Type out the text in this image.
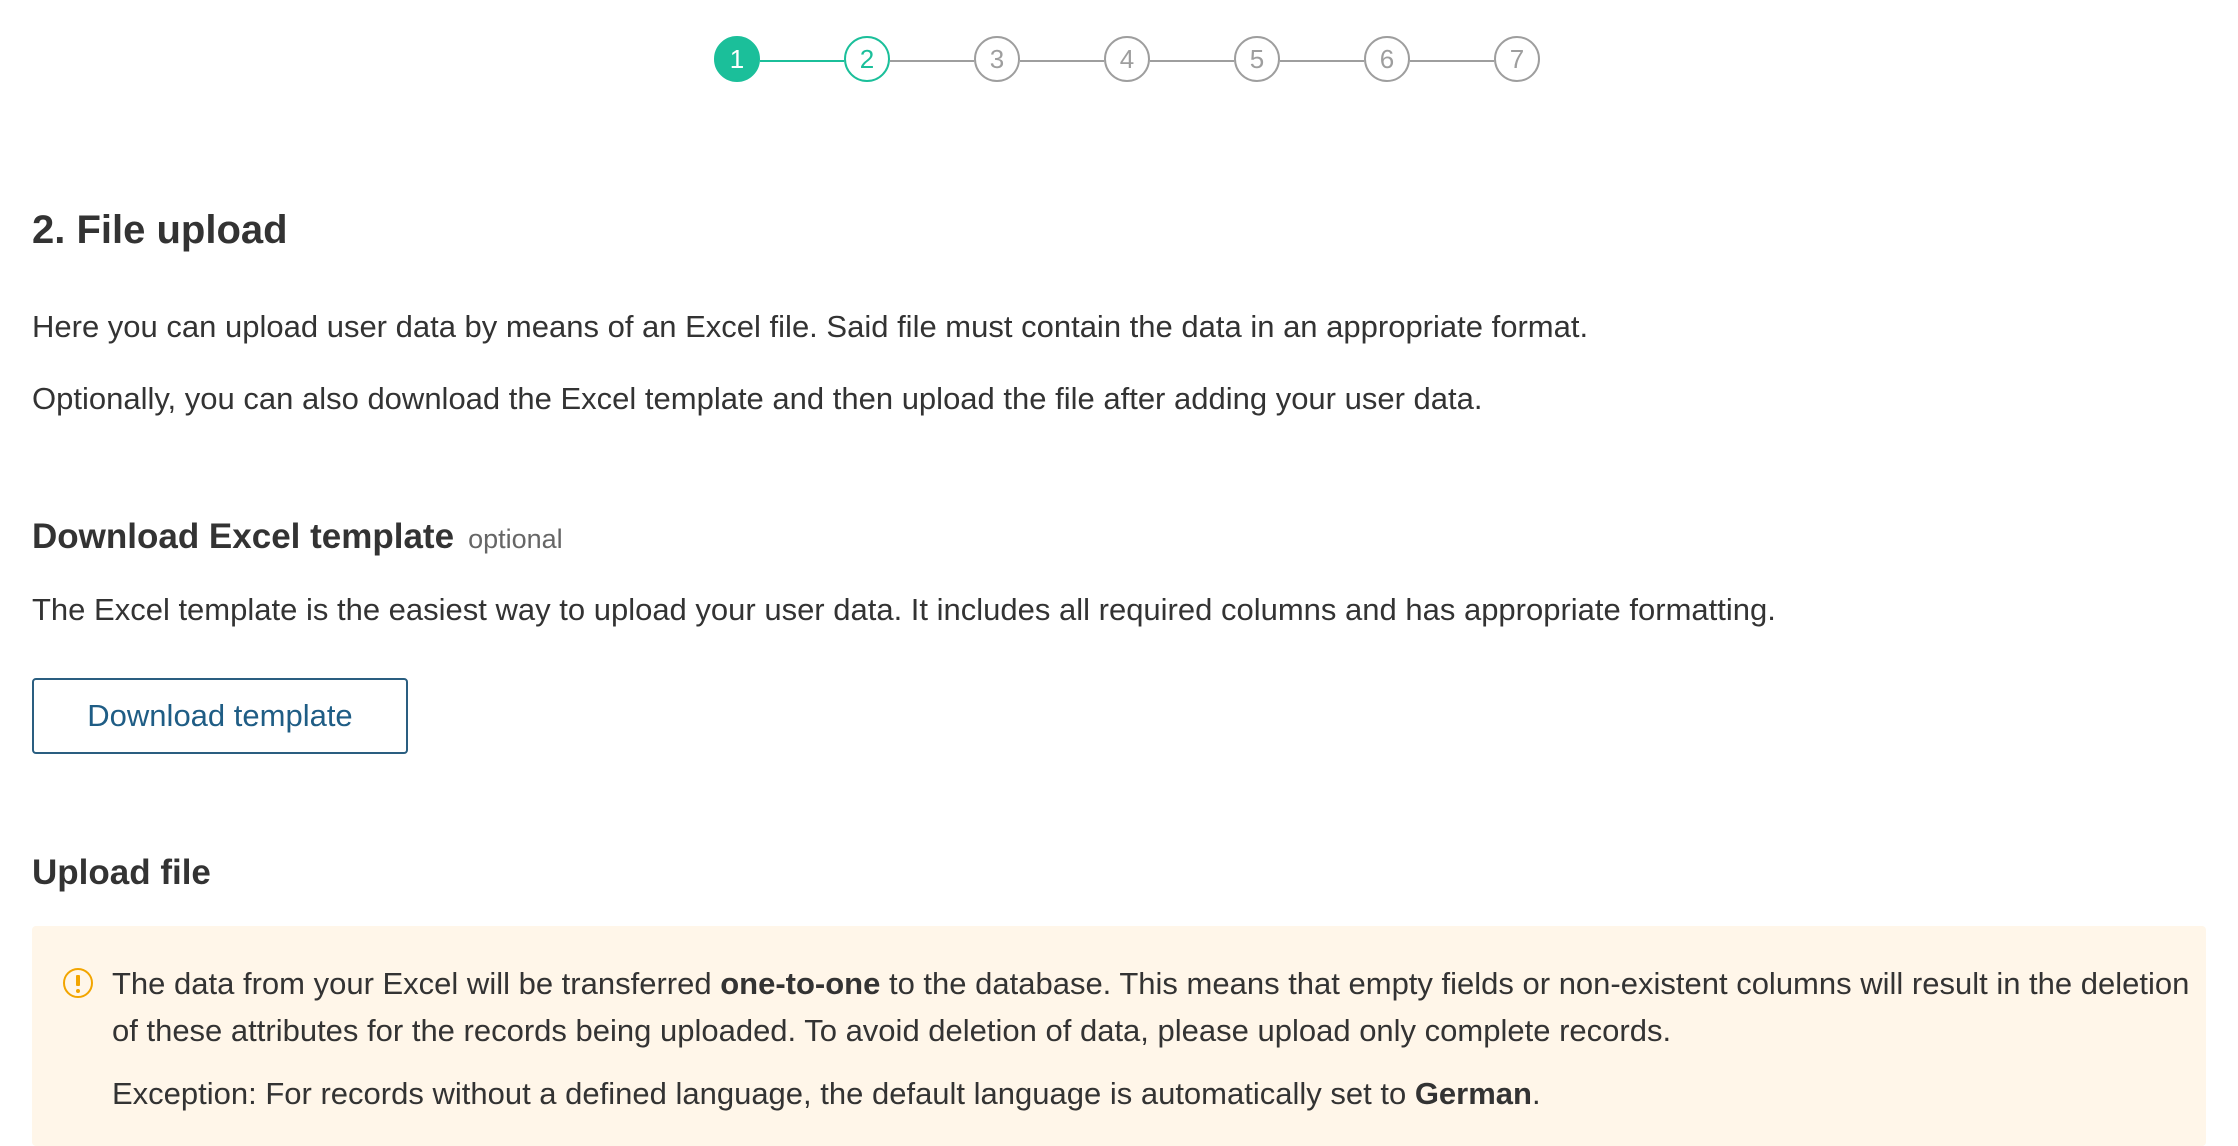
1	2	3	4	5	6	7
2. File upload

Here you can upload user data by means of an Excel file. Said file must contain the data in an appropriate format.

Optionally, you can also download the Excel template and then upload the file after adding your user data.

Download Excel template optional

The Excel template is the easiest way to upload your user data. It includes all required columns and has appropriate formatting.

Download template
Upload file

The data from your Excel will be transferred one-to-one to the database. This means that empty fields or non-existent columns will result in the deletion of these attributes for the records being uploaded. To avoid deletion of data, please upload only complete records.

Exception: For records without a defined language, the default language is automatically set to German.
